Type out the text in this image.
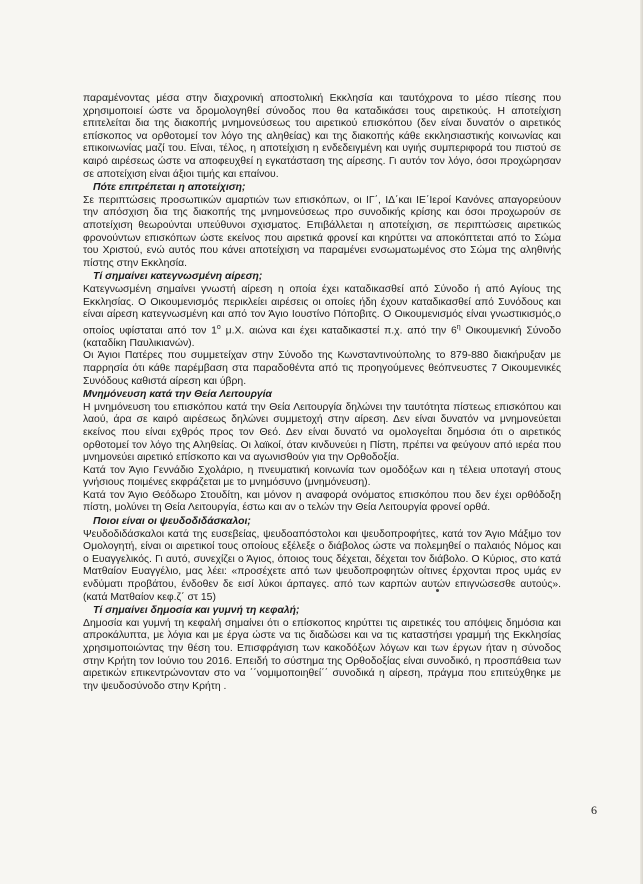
παραμένοντας μέσα στην διαχρονική αποστολική Εκκλησία και ταυτόχρονα το μέσο πίεσης που χρησιμοποιεί ώστε να δρομολογηθεί σύνοδος που θα καταδικάσει τους αιρετικούς. Η αποτείχιση επιτελείται δια της διακοπής μνημονεύσεως του αιρετικού επισκόπου (δεν είναι δυνατόν ο αιρετικός επίσκοπος να ορθοτομεί τον λόγο της αληθείας) και της διακοπής κάθε εκκλησιαστικής κοινωνίας και επικοινωνίας μαζί του. Είναι, τέλος, η αποτείχιση η ενδεδειγμένη και υγιής συμπεριφορά του πιστού σε καιρό αιρέσεως ώστε να αποφευχθεί η εγκατάσταση της αίρεσης. Γι αυτόν τον λόγο, όσοι προχώρησαν σε αποτείχιση είναι άξιοι τιμής και επαίνου.

Πότε επιτρέπεται η αποτείχιση;

Σε περιπτώσεις προσωπικών αμαρτιών των επισκόπων, οι ΙΓ΄, ΙΔ΄και ΙΕ΄Ιεροί Κανόνες απαγορεύουν την απόσχιση δια της διακοπής της μνημονεύσεως προ συνοδικής κρίσης και όσοι προχωρούν σε αποτείχιση θεωρούνται υπεύθυνοι σχισματος. Επιβάλλεται η αποτείχιση, σε περιπτώσεις αιρετικώς φρονούντων επισκόπων ώστε εκείνος που αιρετικά φρονεί και κηρύττει να αποκόπτεται από το Σώμα του Χριστού, ενώ αυτός που κάνει αποτείχιση να παραμένει ενσωματωμένος στο Σώμα της αληθινής πίστης στην Εκκλησία.

Τί σημαίνει κατεγνωσμένη αίρεση;

Κατεγνωσμένη σημαίνει γνωστή αίρεση η οποία έχει καταδικασθεί από Σύνοδο ή από Αγίους της Εκκλησίας. Ο Οικουμενισμός περικλείει αιρέσεις οι οποίες ήδη έχουν καταδικασθεί από Συνόδους και είναι αίρεση κατεγνωσμένη και από τον Άγιο Ιουστίνο Πόποβιτς. Ο Οικουμενισμός είναι γνωστικισμός,ο οποίος υφίσταται από τον $1^o$ μ.Χ. αιώνα και έχει καταδικαστεί π.χ. από την $6^\eta$ Οικουμενική Σύνοδο (καταδίκη Παυλικιανών).

Οι Άγιοι Πατέρες που συμμετείχαν στην Σύνοδο της Κωνσταντινούπολης το 879-880 διακήρυξαν με παρρησία ότι κάθε παρέμβαση στα παραδοθέντα από τις προηγούμενες θεόπνευστες 7 Οικουμενικές Συνόδους καθιστά αίρεση και ύβρη.

Μνημόνευση κατά την Θεία Λειτουργία

Η μνημόνευση του επισκόπου κατά την Θεία Λειτουργία δηλώνει την ταυτότητα πίστεως επισκόπου και λαού, άρα σε καιρό αιρέσεως δηλώνει συμμετοχή στην αίρεση. Δεν είναι δυνατόν να μνημονεύεται εκείνος που είναι εχθρός προς τον Θεό. Δεν είναι δυνατό να ομολογείται δημόσια ότι ο αιρετικός ορθοτομεί τον λόγο της Αληθείας. Οι λαϊκοί, όταν κινδυνεύει η Πίστη, πρέπει να φεύγουν από ιερέα που μνημονεύει αιρετικό επίσκοπο και να αγωνισθούν για την Ορθοδοξία.

Κατά τον Άγιο Γεννάδιο Σχολάριο, η πνευματική κοινωνία των ομοδόξων και η τέλεια υποταγή στους γνήσιους ποιμένες εκφράζεται με το μνημόσυνο (μνημόνευση).

Κατά τον Άγιο Θεόδωρο Στουδίτη, και μόνον η αναφορά ονόματος επισκόπου που δεν έχει ορθόδοξη πίστη, μολύνει τη Θεία Λειτουργία, έστω και αν ο τελών την Θεία Λειτουργία φρονεί ορθά.

Ποιοι είναι οι ψευδοδιδάσκαλοι;

Ψευδοδιδάσκαλοι κατά της ευσεβείας, ψευδοαπόστολοι και ψευδοπροφήτες, κατά τον Άγιο Μάξιμο τον Ομολογητή, είναι οι αιρετικοί τους οποίους εξέλεξε ο διάβολος ώστε να πολεμηθεί ο παλαιός Νόμος και ο Ευαγγελικός. Γι αυτό, συνεχίζει ο Άγιος, όποιος τους δέχεται, δέχεται τον διάβολο. Ο Κύριος, στο κατά Ματθαίον Ευαγγέλιο, μας λέει: «προσέχετε από των ψευδοπροφητών οίτινες έρχονται προς υμάς εν ενδύματι προβάτου, ένδοθεν δε εισί λύκοι άρπαγες. από των καρπών αυτών επιγνώσεσθε αυτούς». (κατά Ματθαίον κεφ.ζ΄ στ 15)

Τί σημαίνει δημοσία και γυμνή τη κεφαλή;

Δημοσία και γυμνή τη κεφαλή σημαίνει ότι ο επίσκοπος κηρύττει τις αιρετικές του απόψεις δημόσια και απροκάλυπτα, με λόγια και με έργα ώστε να τις διαδώσει και να τις καταστήσει γραμμή της Εκκλησίας χρησιμοποιώντας την θέση του. Επισφράγιση των κακοδόξων λόγων και των έργων ήταν η σύνοδος στην Κρήτη τον Ιούνιο του 2016. Επειδή το σύστημα της Ορθοδοξίας είναι συνοδικό, η προσπάθεια των αιρετικών επικεντρώνονταν στο να ΄΄νομιμοποιηθεί΄΄ συνοδικά η αίρεση, πράγμα που επιτεύχθηκε με την ψευδοσύνοδο στην Κρήτη .

6
